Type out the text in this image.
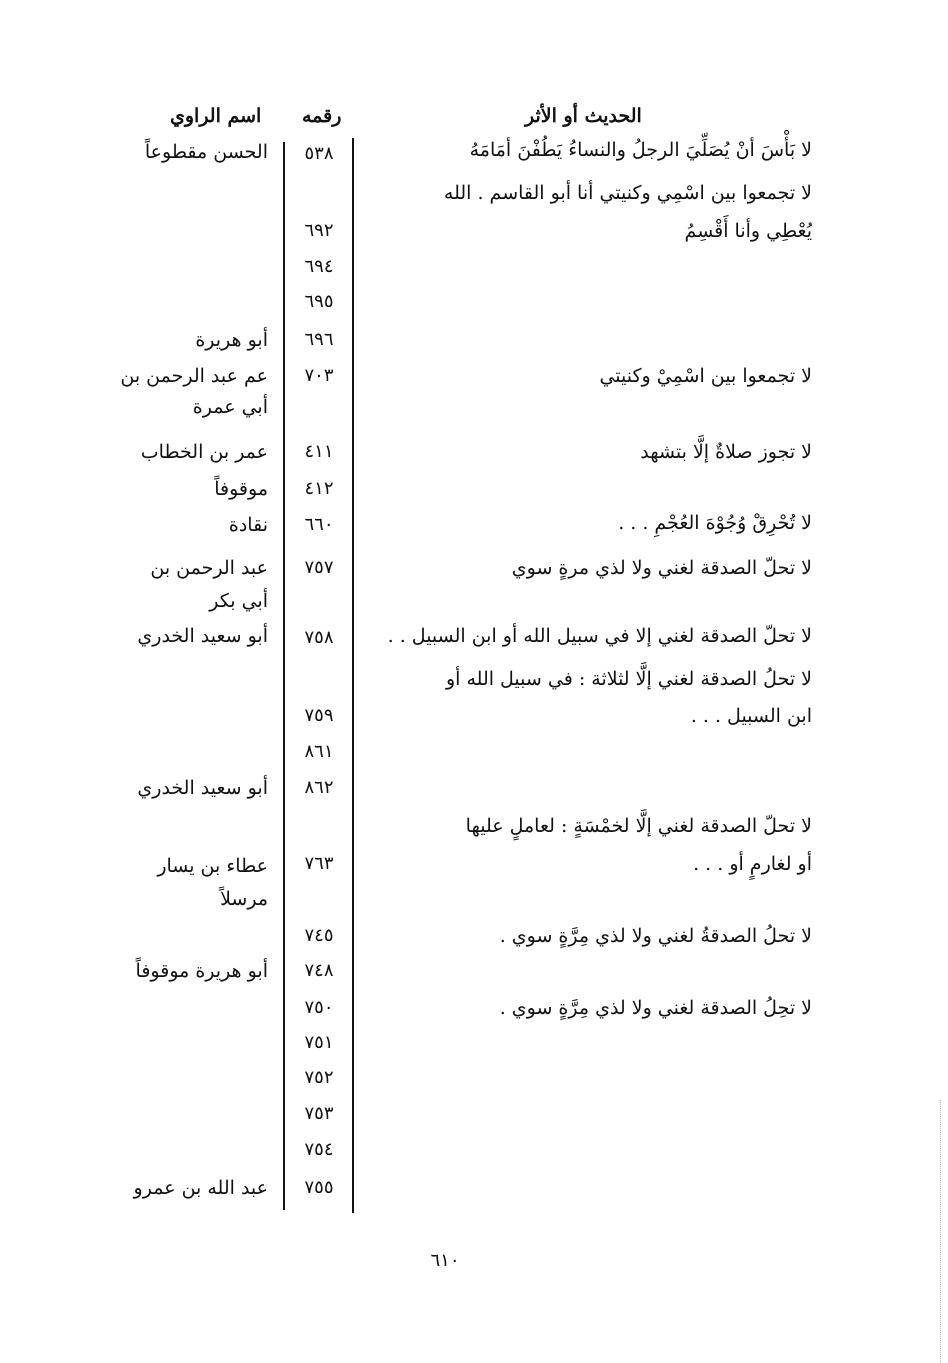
الحديث أو الأثر
رقمه
اسم الراوي
٥٣٨
٦٩٢
٦٩٤
٦٩٥
٦٩٦
٧٠٣
٤١١
٤١٢
٦٦٠
٧٥٧
٧٥٨
٧٥٩
٨٦١
٨٦٢
٧٦٣
٧٤٥
٧٤٨
٧٥٠
٧٥١
٧٥٢
٧٥٣
٧٥٤
٧٥٥
الحسن مقطوعاً
أبو هريرة
عم عبد الرحمن بن
أبي عمرة
عمر بن الخطاب
موقوفاً
نقادة
عبد الرحمن بن
أبي بكر
أبو سعيد الخدري
أبو سعيد الخدري
عطاء بن يسار
مرسلاً
أبو هريرة موقوفاً
عبد الله بن عمرو
لا بَأْسَ أنْ يُصَلِّيَ الرجلُ والنساءُ يَطُفْنَ أمَامَهُ
لا تجمعوا بين اسْمِي وكنيتي أنا أبو القاسم . الله
يُعْطِي وأنا أَقْسِمُ
لا تجمعوا بين اسْمِيْ وكنيتي
لا تجوز صلاةٌ إلَّا بتشهد
لا تُحْرِقْ وُجُوْهَ العُجْمِ . . .
لا تحلّ الصدقة لغني ولا لذي مرةٍ سوي
لا تحلّ الصدقة لغني إلا في سبيل الله أو ابن السبيل . .
لا تحلُ الصدقة لغني إلَّا لثلاثة : في سبيل الله أو
ابن السبيل . . .
لا تحلّ الصدقة لغني إلَّا لخمْسَةٍ : لعاملٍ عليها
أو لغارمٍ أو . . .
لا تحلُ الصدقةُ لغني ولا لذي مِرَّةٍ سوي .
لا تحِلُ الصدقة لغني ولا لذي مِرَّةٍ سوي .
٦١٠
